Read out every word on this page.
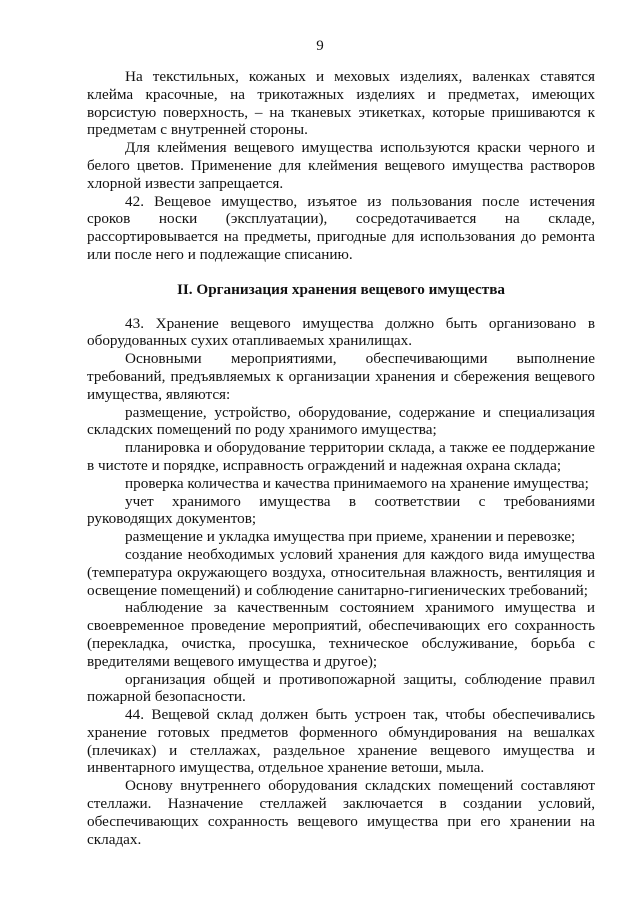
9

На текстильных, кожаных и меховых изделиях, валенках ставятся клейма красочные, на трикотажных изделиях и предметах, имеющих ворсистую поверхность, – на тканевых этикетках, которые пришиваются к предметам с внутренней стороны.

Для клеймения вещевого имущества используются краски черного и белого цветов. Применение для клеймения вещевого имущества растворов хлорной извести запрещается.

42. Вещевое имущество, изъятое из пользования после истечения сроков носки (эксплуатации), сосредотачивается на складе, рассортировывается на предметы, пригодные для использования до ремонта или после него и подлежащие списанию.

II. Организация хранения вещевого имущества

43. Хранение вещевого имущества должно быть организовано в оборудованных сухих отапливаемых хранилищах.

Основными мероприятиями, обеспечивающими выполнение требований, предъявляемых к организации хранения и сбережения вещевого имущества, являются:

размещение, устройство, оборудование, содержание и специализация складских помещений по роду хранимого имущества;

планировка и оборудование территории склада, а также ее поддержание в чистоте и порядке, исправность ограждений и надежная охрана склада;

проверка количества и качества принимаемого на хранение имущества;

учет хранимого имущества в соответствии с требованиями руководящих документов;

размещение и укладка имущества при приеме, хранении и перевозке;

создание необходимых условий хранения для каждого вида имущества (температура окружающего воздуха, относительная влажность, вентиляция и освещение помещений) и соблюдение санитарно-гигиенических требований;

наблюдение за качественным состоянием хранимого имущества и своевременное проведение мероприятий, обеспечивающих его сохранность (перекладка, очистка, просушка, техническое обслуживание, борьба с вредителями вещевого имущества и другое);

организация общей и противопожарной защиты, соблюдение правил пожарной безопасности.

44. Вещевой склад должен быть устроен так, чтобы обеспечивались хранение готовых предметов форменного обмундирования на вешалках (плечиках) и стеллажах, раздельное хранение вещевого имущества и инвентарного имущества, отдельное хранение ветоши, мыла.

Основу внутреннего оборудования складских помещений составляют стеллажи. Назначение стеллажей заключается в создании условий, обеспечивающих сохранность вещевого имущества при его хранении на складах.
